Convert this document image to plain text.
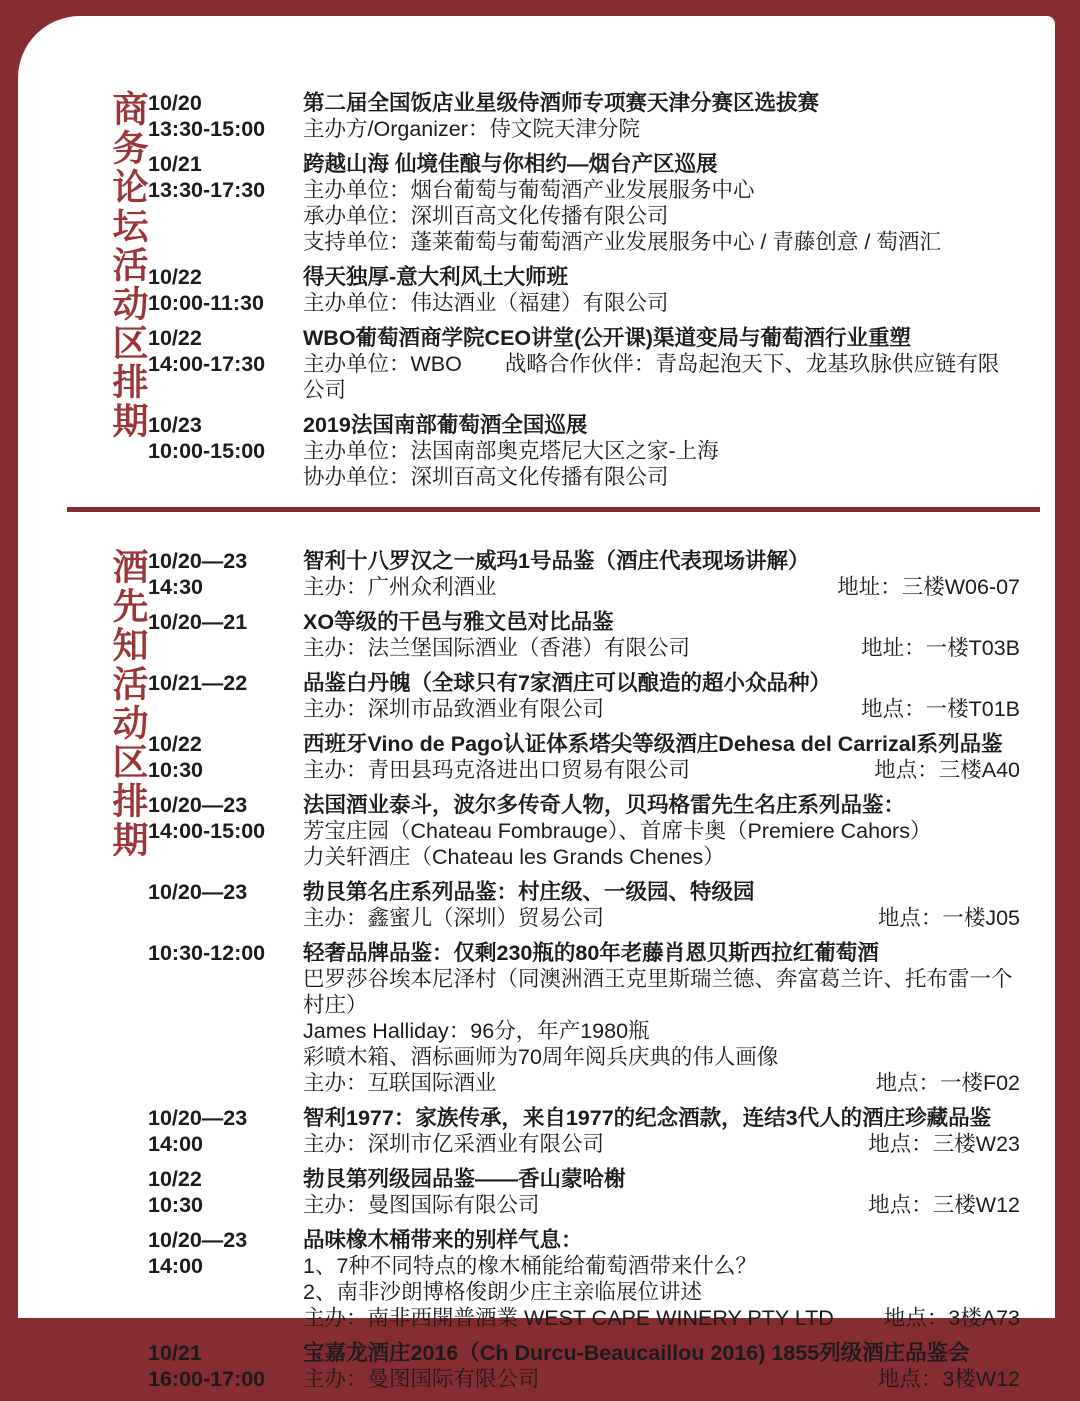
商务论坛活动区排期 10/20
13:30-15:00
第二届全国饭店业星级侍酒师专项赛天津分赛区选拔赛
主办方/Organizer：侍文院天津分院
10/21
13:30-17:30
跨越山海 仙境佳酿与你相约—烟台产区巡展
主办单位：烟台葡萄与葡萄酒产业发展服务中心
承办单位：深圳百高文化传播有限公司
支持单位：蓬莱葡萄与葡萄酒产业发展服务中心 / 青藤创意 / 萄酒汇
10/22
10:00-11:30
得天独厚-意大利风土大师班
主办单位：伟达酒业（福建）有限公司
10/22
14:00-17:30
WBO葡萄酒商学院CEO讲堂(公开课)渠道变局与葡萄酒行业重塑
主办单位：WBO　　战略合作伙伴：青岛起泡天下、龙基玖脉供应链有限公司
10/23
10:00-15:00
2019法国南部葡萄酒全国巡展
主办单位：法国南部奥克塔尼大区之家-上海
协办单位：深圳百高文化传播有限公司
酒先知活动区排期 10/20—23
14:30
智利十八罗汉之一威玛1号品鉴（酒庄代表现场讲解）
主办：广州众利酒业	地址：三楼W06-07
10/20—21	XO等级的干邑与雅文邑对比品鉴
主办：法兰堡国际酒业（香港）有限公司	地址：一楼T03B
10/21—22	品鉴白丹魄（全球只有7家酒庄可以酿造的超小众品种）
主办：深圳市品致酒业有限公司	地点：一楼T01B
10/22
10:30
西班牙Vino de Pago认证体系塔尖等级酒庄Dehesa del Carrizal系列品鉴
主办：青田县玛克洛进出口贸易有限公司	地点：三楼A40
10/20—23
14:00-15:00
法国酒业泰斗，波尔多传奇人物，贝玛格雷先生名庄系列品鉴：
芳宝庄园（Chateau Fombrauge）、首席卡奥（Premiere Cahors）
力关轩酒庄（Chateau les Grands Chenes）
10/20—23	勃艮第名庄系列品鉴：村庄级、一级园、特级园
主办：鑫蜜儿（深圳）贸易公司	地点：一楼J05
10:30-12:00	轻奢品牌品鉴：仅剩230瓶的80年老藤肖恩贝斯西拉红葡萄酒
巴罗莎谷埃本尼泽村（同澳洲酒王克里斯瑞兰德、奔富葛兰许、托布雷一个村庄）
James Halliday：96分，年产1980瓶
彩喷木箱、酒标画师为70周年阅兵庆典的伟人画像
主办：互联国际酒业	地点：一楼F02
10/20—23
14:00
智利1977：家族传承，来自1977的纪念酒款，连结3代人的酒庄珍藏品鉴
主办：深圳市亿采酒业有限公司	地点：三楼W23
10/22
10:30
勃艮第列级园品鉴——香山蒙哈榭
主办：曼图国际有限公司	地点：三楼W12
10/20—23
14:00
品味橡木桶带来的别样气息：
1、7种不同特点的橡木桶能给葡萄酒带来什么？
2、南非沙朗博格俊朗少庄主亲临展位讲述
主办：南非西開普酒業 WEST CAPE WINERY PTY LTD	地点：3楼A73
10/21
16:00-17:00
宝嘉龙酒庄2016（Ch Durcu-Beaucaillou 2016) 1855列级酒庄品鉴会
主办：曼图国际有限公司	地点：3楼W12
